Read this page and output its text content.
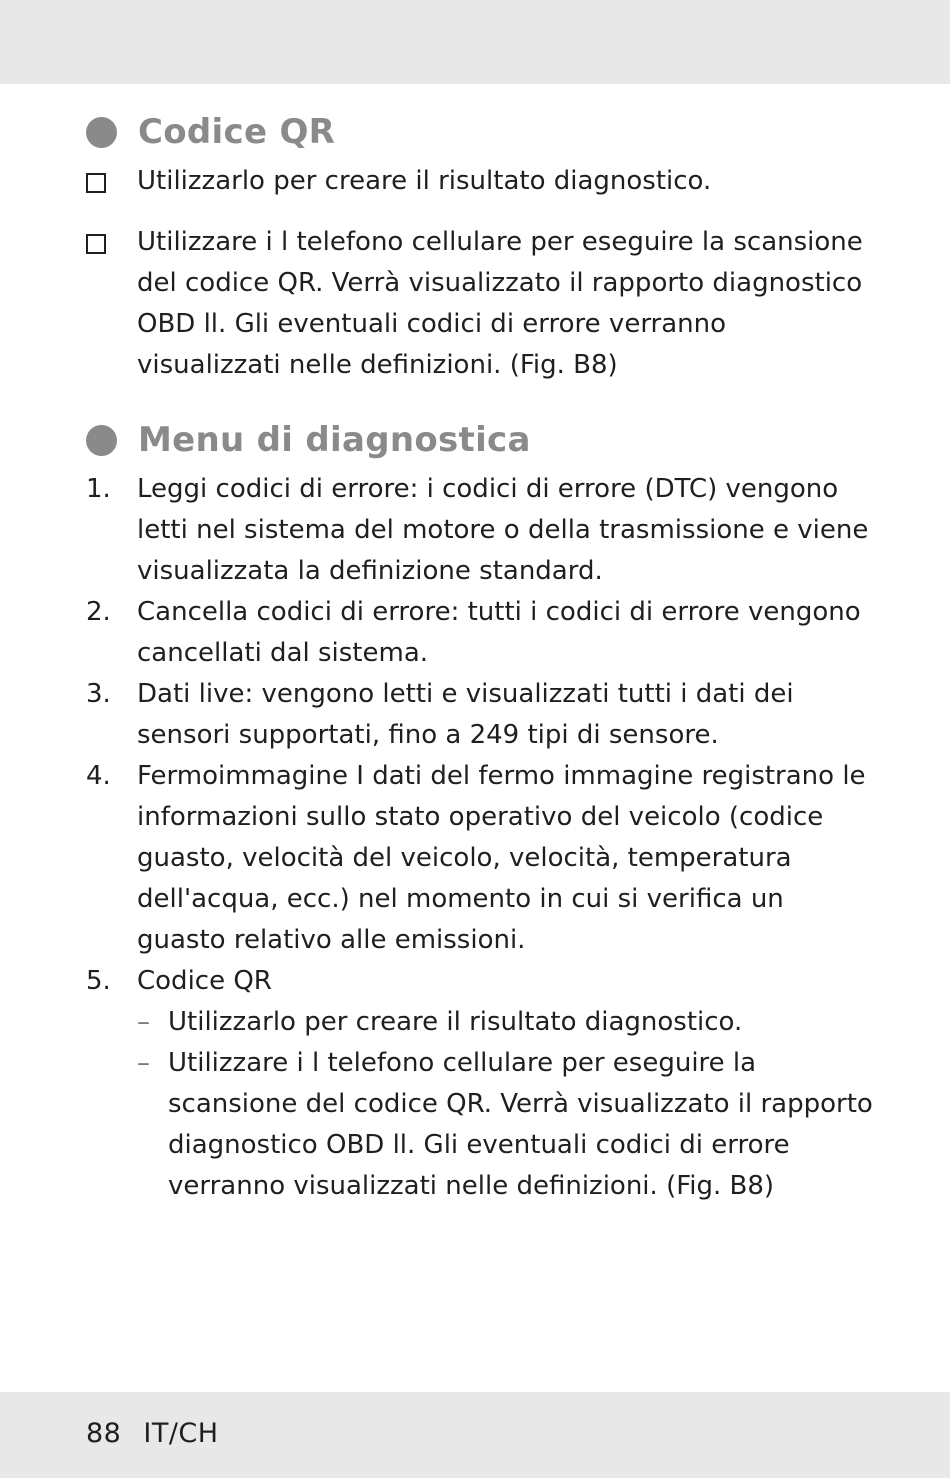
Codice QR
Utilizzarlo per creare il risultato diagnostico.
Utilizzare i l telefono cellulare per eseguire la scansione del codice QR. Verrà visualizzato il rapporto diagnostico OBD ll. Gli eventuali codici di errore verranno visualizzati nelle definizioni. (Fig. B8)
Menu di diagnostica
1.	Leggi codici di errore: i codici di errore (DTC) vengono letti nel sistema del motore o della trasmissione e viene visualizzata la definizione standard.
2.	Cancella codici di errore: tutti i codici di errore vengono cancellati dal sistema.
3.	Dati live: vengono letti e visualizzati tutti i dati dei sensori supportati, fino a 249 tipi di sensore.
4.	Fermoimmagine I dati del fermo immagine registrano le informazioni sullo stato operativo del veicolo (codice guasto, velocità del veicolo, velocità, temperatura dell'acqua, ecc.) nel momento in cui si verifica un guasto relativo alle emissioni.
5.	Codice QR
– Utilizzarlo per creare il risultato diagnostico.
– Utilizzare i l telefono cellulare per eseguire la scansione del codice QR. Verrà visualizzato il rapporto diagnostico OBD ll. Gli eventuali codici di errore verranno visualizzati nelle definizioni. (Fig. B8)
88 IT/CH
